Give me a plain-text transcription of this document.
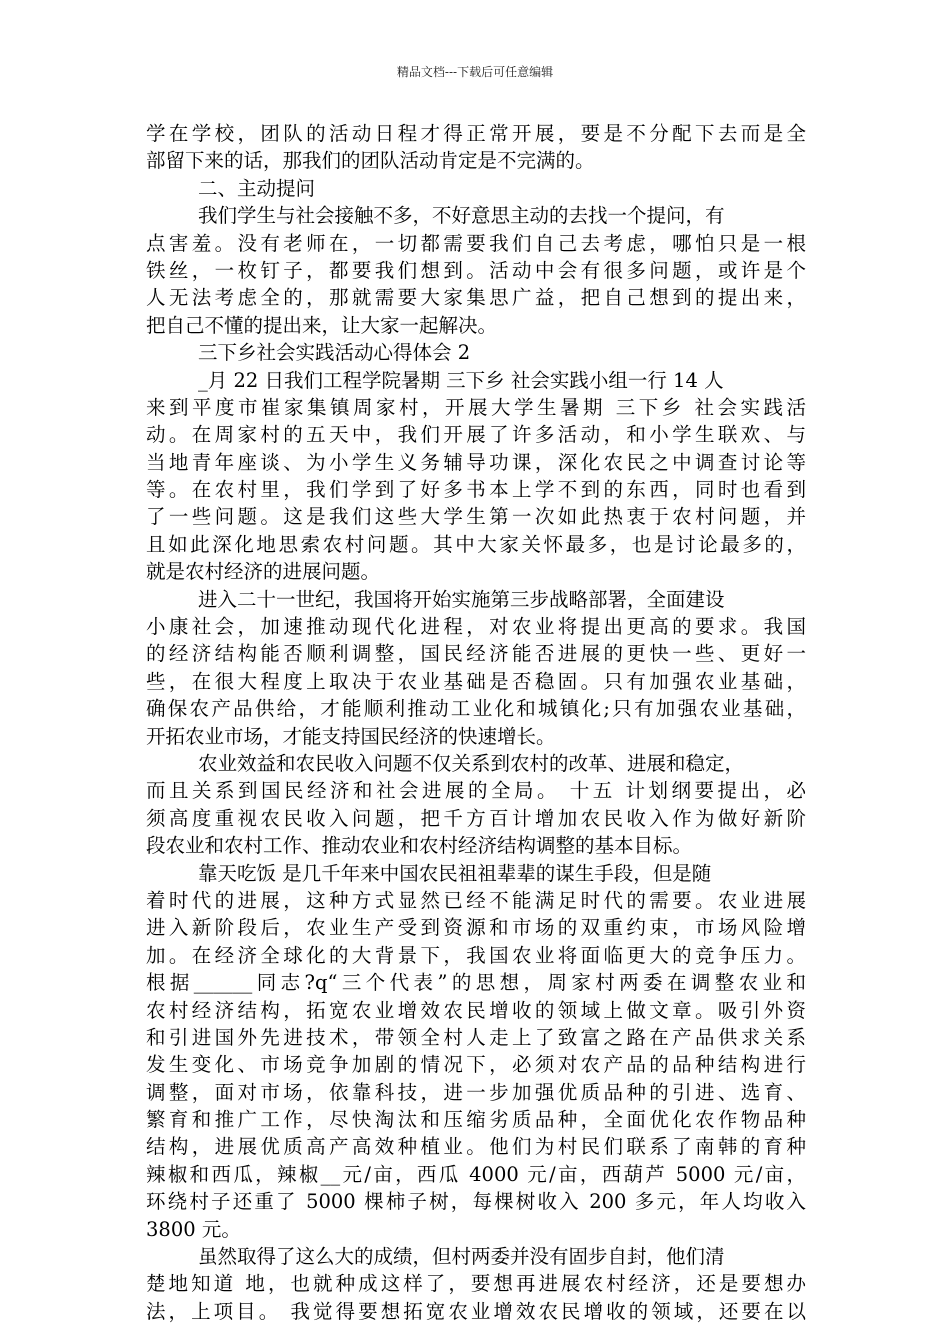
精品文档---下载后可任意编辑
学在学校，团队的活动日程才得正常开展，要是不分配下去而是全
部留下来的话，那我们的团队活动肯定是不完满的。
二、主动提问
我们学生与社会接触不多，不好意思主动的去找一个提问，有
点害羞。没有老师在，一切都需要我们自己去考虑，哪怕只是一根
铁丝，一枚钉子，都要我们想到。活动中会有很多问题，或许是个
人无法考虑全的，那就需要大家集思广益，把自己想到的提出来，
把自己不懂的提出来，让大家一起解决。
三下乡社会实践活动心得体会 2
_月 22 日我们工程学院暑期 三下乡 社会实践小组一行 14 人
来到平度市崔家集镇周家村，开展大学生暑期 三下乡 社会实践活
动。在周家村的五天中，我们开展了许多活动，和小学生联欢、与
当地青年座谈、为小学生义务辅导功课，深化农民之中调查讨论等
等。在农村里，我们学到了好多书本上学不到的东西，同时也看到
了一些问题。这是我们这些大学生第一次如此热衷于农村问题，并
且如此深化地思索农村问题。其中大家关怀最多，也是讨论最多的，
就是农村经济的进展问题。
进入二十一世纪，我国将开始实施第三步战略部署，全面建设
小康社会，加速推动现代化进程，对农业将提出更高的要求。我国
的经济结构能否顺利调整，国民经济能否进展的更快一些、更好一
些，在很大程度上取决于农业基础是否稳固。只有加强农业基础，
确保农产品供给，才能顺利推动工业化和城镇化;只有加强农业基础，
开拓农业市场，才能支持国民经济的快速增长。
农业效益和农民收入问题不仅关系到农村的改革、进展和稳定，
而且关系到国民经济和社会进展的全局。 十五 计划纲要提出，必
须高度重视农民收入问题，把千方百计增加农民收入作为做好新阶
段农业和农村工作、推动农业和农村经济结构调整的基本目标。
靠天吃饭 是几千年来中国农民祖祖辈辈的谋生手段，但是随
着时代的进展，这种方式显然已经不能满足时代的需要。农业进展
进入新阶段后，农业生产受到资源和市场的双重约束，市场风险增
加。在经济全球化的大背景下，我国农业将面临更大的竞争压力。
根据______同志?q“三个代表”的思想，周家村两委在调整农业和
农村经济结构，拓宽农业增效农民增收的领域上做文章。吸引外资
和引进国外先进技术，带领全村人走上了致富之路在产品供求关系
发生变化、市场竞争加剧的情况下，必须对农产品的品种结构进行
调整，面对市场，依靠科技，进一步加强优质品种的引进、选育、
繁育和推广工作，尽快淘汰和压缩劣质品种，全面优化农作物品种
结构，进展优质高产高效种植业。他们为村民们联系了南韩的育种
辣椒和西瓜，辣椒__元/亩，西瓜 4000 元/亩，西葫芦 5000 元/亩，
环绕村子还重了 5000 棵柿子树，每棵树收入 200 多元，年人均收入
3800 元。
虽然取得了这么大的成绩，但村两委并没有固步自封，他们清
楚地知道 地，也就种成这样了，要想再进展农村经济，还是要想办
法，上项目。 我觉得要想拓宽农业增效农民增收的领域，还要在以
